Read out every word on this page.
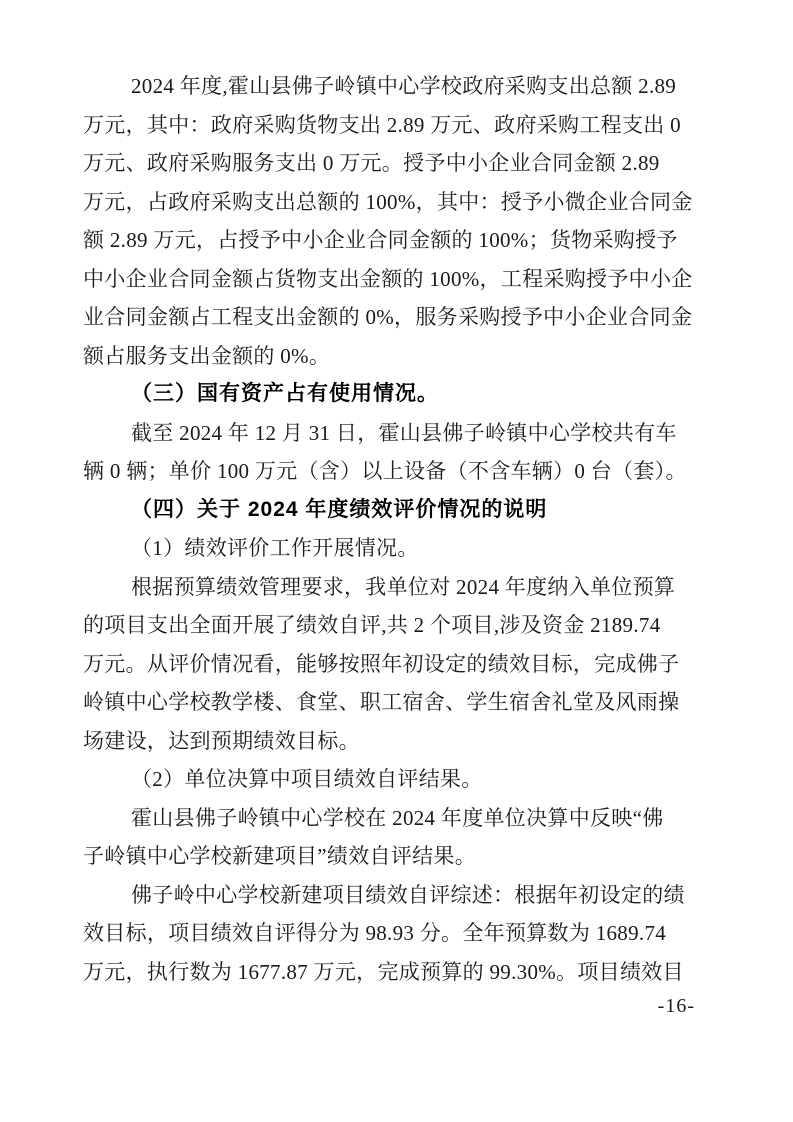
2024 年度,霍山县佛子岭镇中心学校政府采购支出总额 2.89
万元，其中：政府采购货物支出 2.89 万元、政府采购工程支出 0
万元、政府采购服务支出 0 万元。授予中小企业合同金额 2.89
万元，占政府采购支出总额的 100%，其中：授予小微企业合同金
额 2.89 万元，占授予中小企业合同金额的 100%；货物采购授予
中小企业合同金额占货物支出金额的 100%，工程采购授予中小企
业合同金额占工程支出金额的 0%，服务采购授予中小企业合同金
额占服务支出金额的 0%。
（三）国有资产占有使用情况。
截至 2024 年 12 月 31 日，霍山县佛子岭镇中心学校共有车
辆 0 辆；单价 100 万元（含）以上设备（不含车辆）0 台（套）。
（四）关于 2024 年度绩效评价情况的说明
（1）绩效评价工作开展情况。
根据预算绩效管理要求，我单位对 2024 年度纳入单位预算
的项目支出全面开展了绩效自评,共 2 个项目,涉及资金 2189.74
万元。从评价情况看，能够按照年初设定的绩效目标，完成佛子
岭镇中心学校教学楼、食堂、职工宿舍、学生宿舍礼堂及风雨操
场建设，达到预期绩效目标。
（2）单位决算中项目绩效自评结果。
霍山县佛子岭镇中心学校在 2024 年度单位决算中反映“佛
子岭镇中心学校新建项目”绩效自评结果。
佛子岭中心学校新建项目绩效自评综述：根据年初设定的绩
效目标，项目绩效自评得分为 98.93 分。全年预算数为 1689.74
万元，执行数为 1677.87 万元，完成预算的 99.30%。项目绩效目
-16-
